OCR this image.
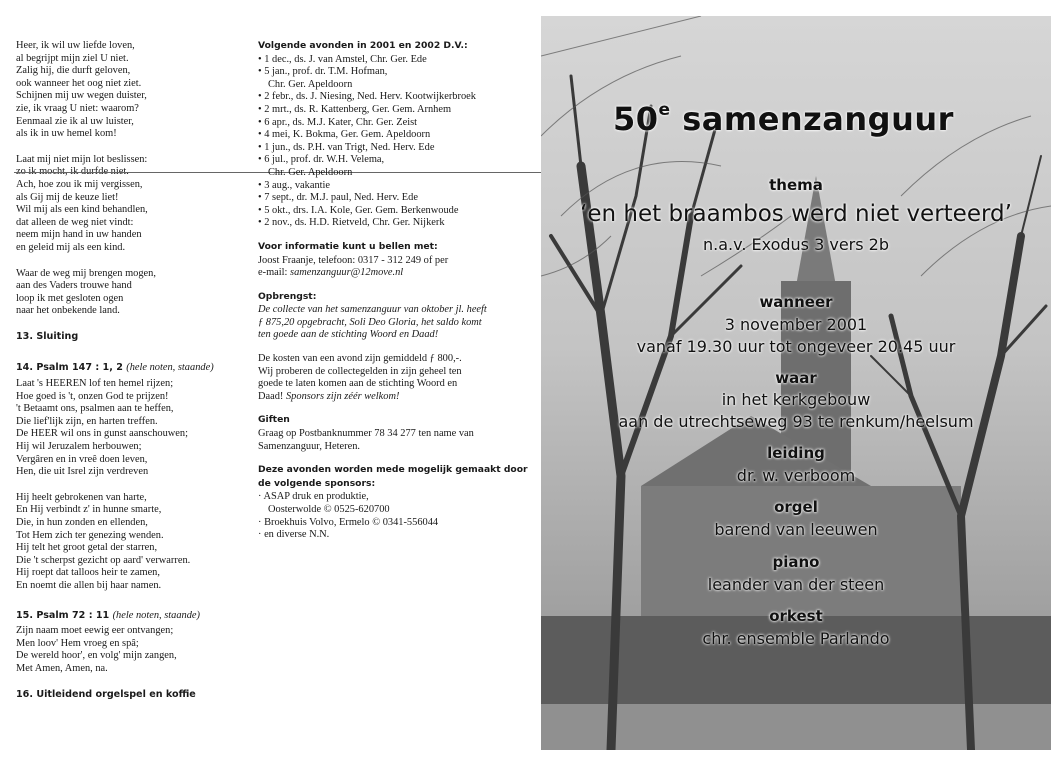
Heer, ik wil uw liefde loven,
al begrijpt mijn ziel U niet.
Zalig hij, die durft geloven,
ook wanneer het oog niet ziet.
Schijnen mij uw wegen duister,
zie, ik vraag U niet: waarom?
Eenmaal zie ik al uw luister,
als ik in uw hemel kom!
Laat mij niet mijn lot beslissen:
zo ik mocht, ik durfde niet.
Ach, hoe zou ik mij vergissen,
als Gij mij de keuze liet!
Wil mij als een kind behandlen,
dat alleen de weg niet vindt:
neem mijn hand in uw handen
en geleid mij als een kind.
Waar de weg mij brengen mogen,
aan des Vaders trouwe hand
loop ik met gesloten ogen
naar het onbekende land.
13. Sluiting
14. Psalm 147 : 1, 2 (hele noten, staande)
Laat 's HEEREN lof ten hemel rijzen;
Hoe goed is 't, onzen God te prijzen!
't Betaamt ons, psalmen aan te heffen,
Die lief'lijk zijn, en harten treffen.
De HEER wil ons in gunst aanschouwen;
Hij wil Jeruzalem herbouwen;
Vergâren en in vreê doen leven,
Hen, die uit Isrel zijn verdreven
Hij heelt gebrokenen van harte,
En Hij verbindt z' in hunne smarte,
Die, in hun zonden en ellenden,
Tot Hem zich ter genezing wenden.
Hij telt het groot getal der starren,
Die 't scherpst gezicht op aard' verwarren.
Hij roept dat talloos heir te zamen,
En noemt die allen bij haar namen.
15. Psalm 72 : 11 (hele noten, staande)
Zijn naam moet eewig eer ontvangen;
Men loov' Hem vroeg en spâ;
De wereld hoor', en volg' mijn zangen,
Met Amen, Amen, na.
16. Uitleidend orgelspel en koffie
Volgende avonden in 2001 en 2002 D.V.:
• 1 dec., ds. J. van Amstel, Chr. Ger. Ede
• 5 jan., prof. dr. T.M. Hofman,
Chr. Ger. Apeldoorn
• 2 febr., ds. J. Niesing, Ned. Herv. Kootwijkerbroek
• 2 mrt., ds. R. Kattenberg, Ger. Gem. Arnhem
• 6 apr., ds. M.J. Kater, Chr. Ger. Zeist
• 4 mei, K. Bokma, Ger. Gem. Apeldoorn
• 1 jun., ds. P.H. van Trigt, Ned. Herv. Ede
• 6 jul., prof. dr. W.H. Velema,
Chr. Ger. Apeldoorn
• 3 aug., vakantie
• 7 sept., dr. M.J. paul, Ned. Herv. Ede
• 5 okt., drs. I.A. Kole, Ger. Gem. Berkenwoude
• 2 nov., ds. H.D. Rietveld, Chr. Ger. Nijkerk
Voor informatie kunt u bellen met:
Joost Fraanje, telefoon: 0317 - 312 249 of per
e-mail: samenzanguur@12move.nl
Opbrengst:
De collecte van het samenzanguur van oktober jl. heeft
ƒ 875,20 opgebracht, Soli Deo Gloria, het saldo komt
ten goede aan de stichting Woord en Daad!
De kosten van een avond zijn gemiddeld ƒ 800,-.
Wij proberen de collectegelden in zijn geheel ten
goede te laten komen aan de stichting Woord en
Daad! Sponsors zijn zéér welkom!
Giften
Graag op Postbanknummer 78 34 277 ten name van
Samenzanguur, Heteren.
Deze avonden worden mede mogelijk gemaakt door
de volgende sponsors:
· ASAP druk en produktie,
Oosterwolde © 0525-620700
· Broekhuis Volvo, Ermelo © 0341-556044
· en diverse N.N.
50e samenzanguur
thema
‘en het braambos werd niet verteerd’
n.a.v. Exodus 3 vers 2b
wanneer
3 november 2001
vanaf 19.30 uur tot ongeveer 20.45 uur
waar
in het kerkgebouw
aan de utrechtseweg 93 te renkum/heelsum
leiding
dr. w. verboom
orgel
barend van leeuwen
piano
leander van der steen
orkest
chr. ensemble Parlando
